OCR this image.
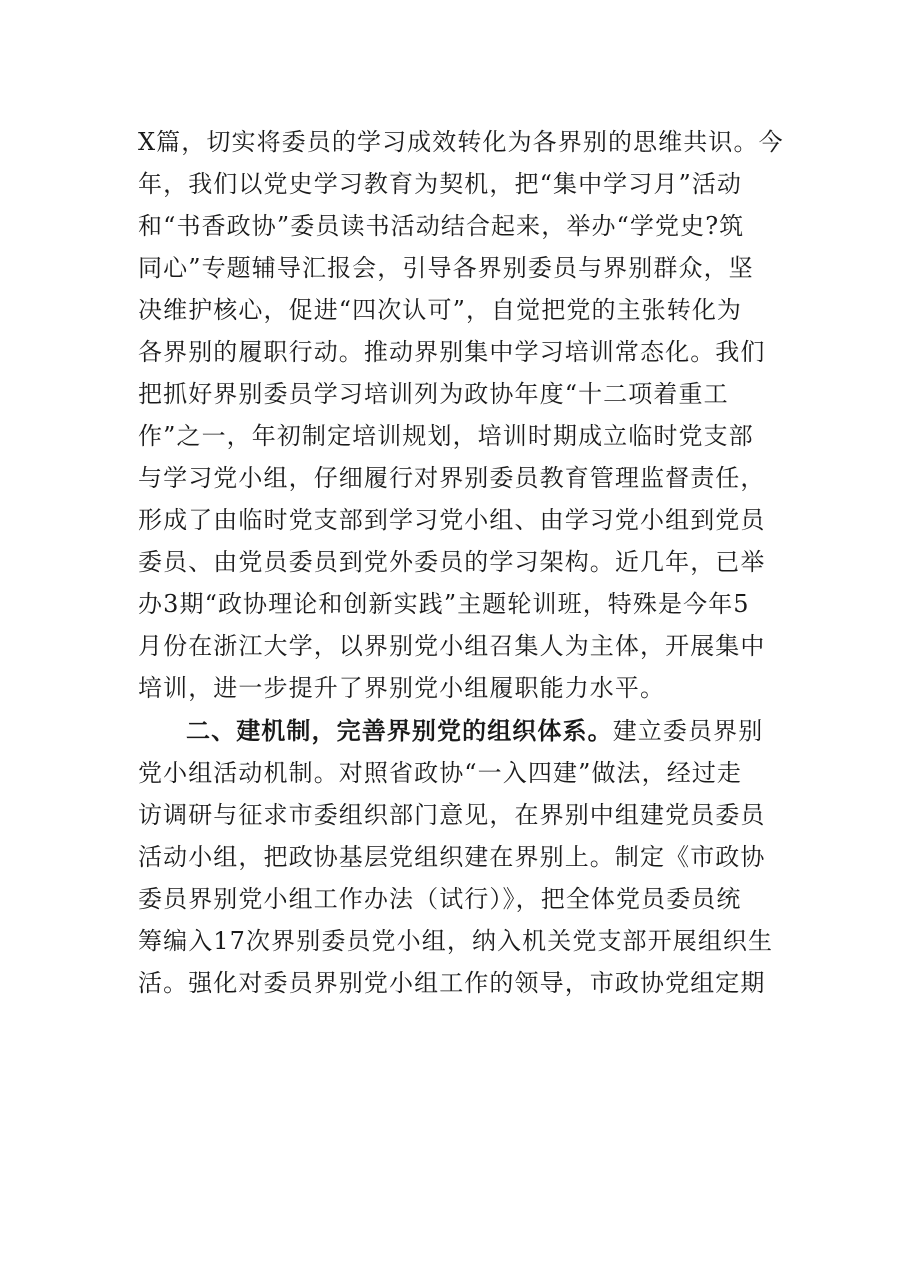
X篇，切实将委员的学习成效转化为各界别的思维共识。今
年，我们以党史学习教育为契机，把“集中学习月”活动
和“书香政协”委员读书活动结合起来，举办“学党史?筑
同心”专题辅导汇报会，引导各界别委员与界别群众，坚
决维护核心，促进“四次认可”，自觉把党的主张转化为
各界别的履职行动。推动界别集中学习培训常态化。我们
把抓好界别委员学习培训列为政协年度“十二项着重工
作”之一，年初制定培训规划，培训时期成立临时党支部
与学习党小组，仔细履行对界别委员教育管理监督责任，
形成了由临时党支部到学习党小组、由学习党小组到党员
委员、由党员委员到党外委员的学习架构。近几年，已举
办3期“政协理论和创新实践”主题轮训班，特殊是今年5
月份在浙江大学，以界别党小组召集人为主体，开展集中
培训，进一步提升了界别党小组履职能力水平。
二、建机制，完善界别党的组织体系。建立委员界别
党小组活动机制。对照省政协“一入四建”做法，经过走
访调研与征求市委组织部门意见，在界别中组建党员委员
活动小组，把政协基层党组织建在界别上。制定《市政协
委员界别党小组工作办法（试行）》，把全体党员委员统
筹编入17次界别委员党小组，纳入机关党支部开展组织生
活。强化对委员界别党小组工作的领导，市政协党组定期
